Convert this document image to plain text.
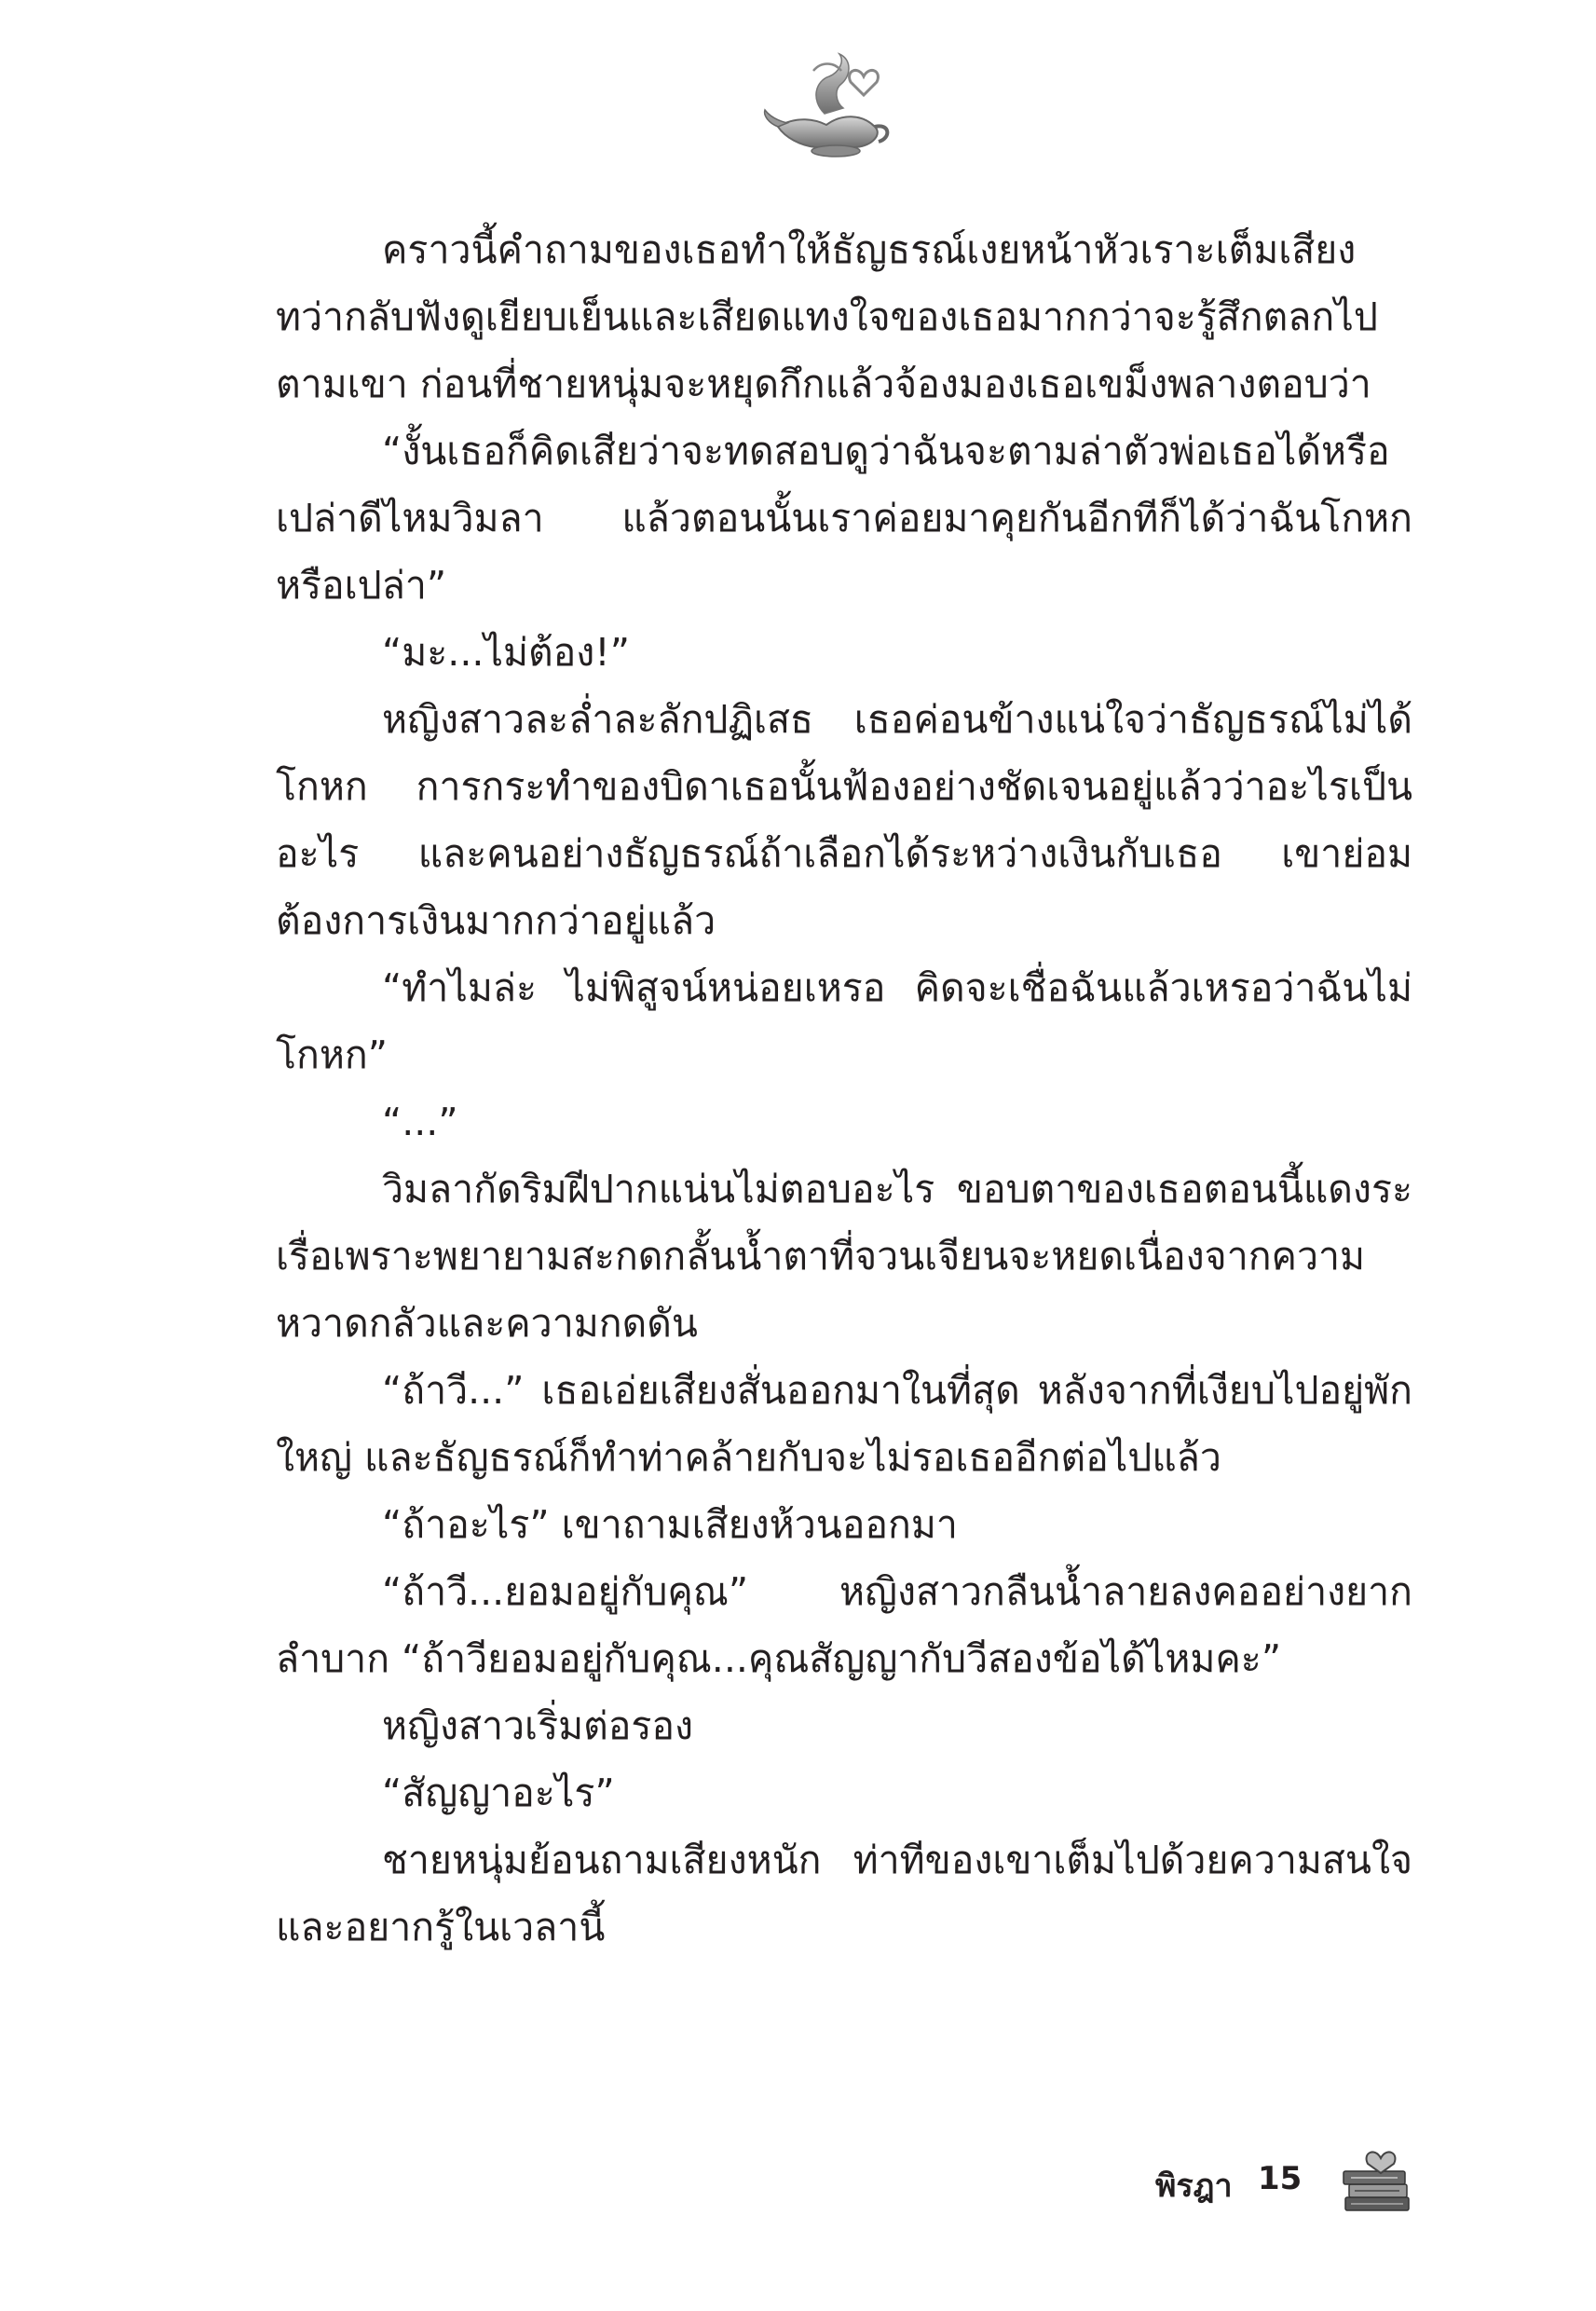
คราวนี้คำถามของเธอทำให้ธัญธรณ์เงยหน้าหัวเราะเต็มเสียง ทว่ากลับฟังดูเยียบเย็นและเสียดแทงใจของเธอมากกว่าจะรู้สึกตลกไปตามเขา ก่อนที่ชายหนุ่มจะหยุดกึกแล้วจ้องมองเธอเขม็งพลางตอบว่า

“งั้นเธอก็คิดเสียว่าจะทดสอบดูว่าฉันจะตามล่าตัวพ่อเธอได้หรือเปล่าดีไหมวิมลา แล้วตอนนั้นเราค่อยมาคุยกันอีกทีก็ได้ว่าฉันโกหกหรือเปล่า”

“มะ...ไม่ต้อง!”

หญิงสาวละล่ำละลักปฏิเสธ เธอค่อนข้างแน่ใจว่าธัญธรณ์ไม่ได้โกหก การกระทำของบิดาเธอนั้นฟ้องอย่างชัดเจนอยู่แล้วว่าอะไรเป็นอะไร และคนอย่างธัญธรณ์ถ้าเลือกได้ระหว่างเงินกับเธอ เขาย่อมต้องการเงินมากกว่าอยู่แล้ว

“ทำไมล่ะ ไม่พิสูจน์หน่อยเหรอ คิดจะเชื่อฉันแล้วเหรอว่าฉันไม่โกหก”

“...”

วิมลากัดริมฝีปากแน่นไม่ตอบอะไร ขอบตาของเธอตอนนี้แดงระเรื่อเพราะพยายามสะกดกลั้นน้ำตาที่จวนเจียนจะหยดเนื่องจากความหวาดกลัวและความกดดัน

“ถ้าวี...” เธอเอ่ยเสียงสั่นออกมาในที่สุด หลังจากที่เงียบไปอยู่พักใหญ่ และธัญธรณ์ก็ทำท่าคล้ายกับจะไม่รอเธออีกต่อไปแล้ว

“ถ้าอะไร” เขาถามเสียงห้วนออกมา

“ถ้าวี...ยอมอยู่กับคุณ” หญิงสาวกลืนน้ำลายลงคออย่างยากลำบาก “ถ้าวียอมอยู่กับคุณ...คุณสัญญากับวีสองข้อได้ไหมคะ”

หญิงสาวเริ่มต่อรอง

“สัญญาอะไร”

ชายหนุ่มย้อนถามเสียงหนัก ท่าทีของเขาเต็มไปด้วยความสนใจและอยากรู้ในเวลานี้

พิรฎา 15
